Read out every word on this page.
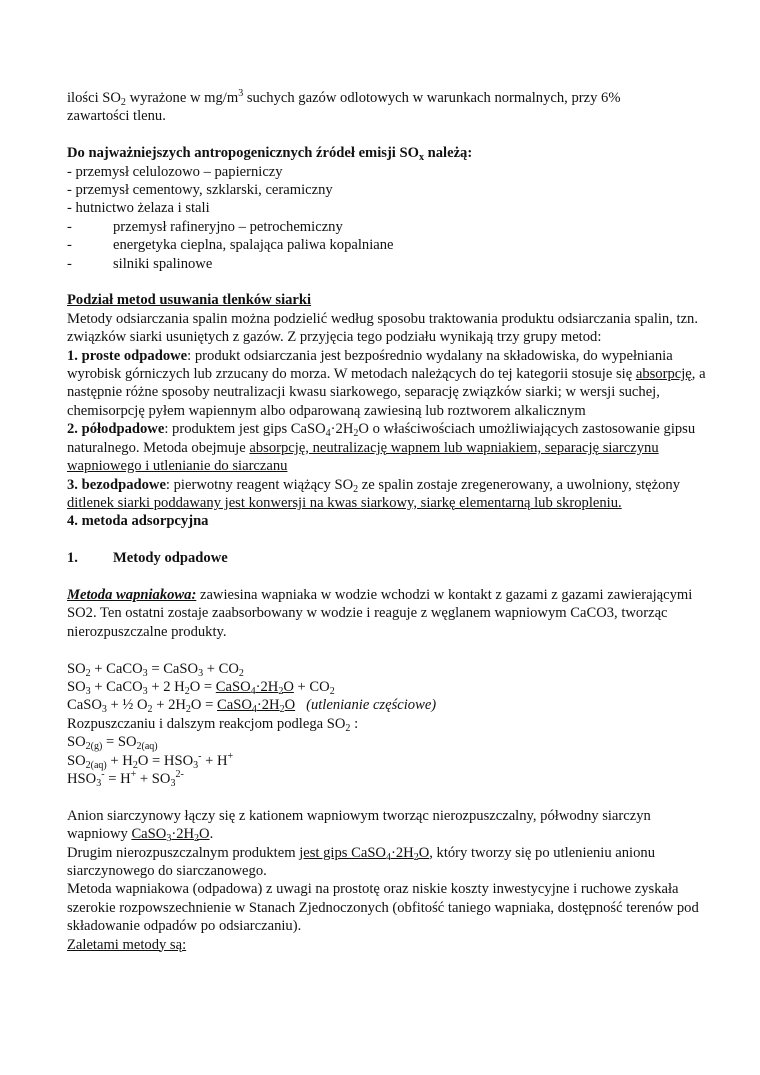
ilości $SO_2$ wyrażone w $mg/m^3$ suchych gazów odlotowych w warunkach normalnych, przy 6%
zawartości tlenu.

Do najważniejszych antropogenicznych źródeł emisji $SO_x$ należą:

- przemysł celulozowo – papierniczy

- przemysł cementowy, szklarski, ceramiczny

- hutnictwo żelaza i stali

-	przemysł rafineryjno – petrochemiczny
-	energetyka cieplna, spalająca paliwa kopalniane
-	silniki spalinowe

Podział metod usuwania tlenków siarki

Metody odsiarczania spalin można podzielić według sposobu traktowania produktu odsiarczania spalin, tzn. związków siarki usuniętych z gazów. Z przyjęcia tego podziału wynikają trzy grupy metod:

1. proste odpadowe: produkt odsiarczania jest bezpośrednio wydalany na składowiska, do wypełniania wyrobisk górniczych lub zrzucany do morza. W metodach należących do tej kategorii stosuje się absorpcję, a następnie różne sposoby neutralizacji kwasu siarkowego, separację związków siarki; w wersji suchej, chemisorpcję pyłem wapiennym albo odparowaną zawiesiną lub roztworem alkalicznym

2. półodpadowe: produktem jest gips $CaSO_4\cdot 2H_2O$ o właściwościach umożliwiających zastosowanie gipsu naturalnego. Metoda obejmuje absorpcję, neutralizację wapnem lub wapniakiem, separację siarczynu wapniowego i utlenianie do siarczanu

3. bezodpadowe: pierwotny reagent wiążący $SO_2$ ze spalin zostaje zregenerowany, a uwolniony, stężony ditlenek siarki poddawany jest konwersji na kwas siarkowy, siarkę elementarną lub skropleniu.

4. metoda adsorpcyjna

1.	Metody odpadowe

Metoda wapniakowa: zawiesina wapniaka w wodzie wchodzi w kontakt z gazami z gazami zawierającymi SO2. Ten ostatni zostaje zaabsorbowany w wodzie i reaguje z węglanem wapniowym CaCO3, tworząc nierozpuszczalne produkty.

$SO_2$ + CaCO$_3$ = CaSO$_3$ + $CO_2$

$SO_3$ + CaCO$_3$ + 2 $H_2O$ = $CaSO_4\cdot 2H_2O + CO_2$

CaSO$_3$ + ½ $O_2 + 2H_2O$ = $CaSO_4\cdot 2H_2O$ (utlenianie częściowe)

Rozpuszczaniu i dalszym reakcjom podlega $SO_2$ :

$SO_{2(g)} = SO_{2(aq)}$

$SO_{2(aq)} + H_2O = HSO_3^- + H^+$

$HSO_3^- = H^+ + SO_3^{2-}$

Anion siarczynowy łączy się z kationem wapniowym tworząc nierozpuszczalny, półwodny siarczyn wapniowy $CaSO_3\cdot 2H_2O$.

Drugim nierozpuszczalnym produktem jest gips $CaSO_4\cdot 2H_2O$, który tworzy się po utlenieniu anionu siarczynowego do siarczanowego.

Metoda wapniakowa (odpadowa) z uwagi na prostotę oraz niskie koszty inwestycyjne i ruchowe zyskała szerokie rozpowszechnienie w Stanach Zjednoczonych (obfitość taniego wapniaka, dostępność terenów pod składowanie odpadów po odsiarczaniu).

Zaletami metody są:
